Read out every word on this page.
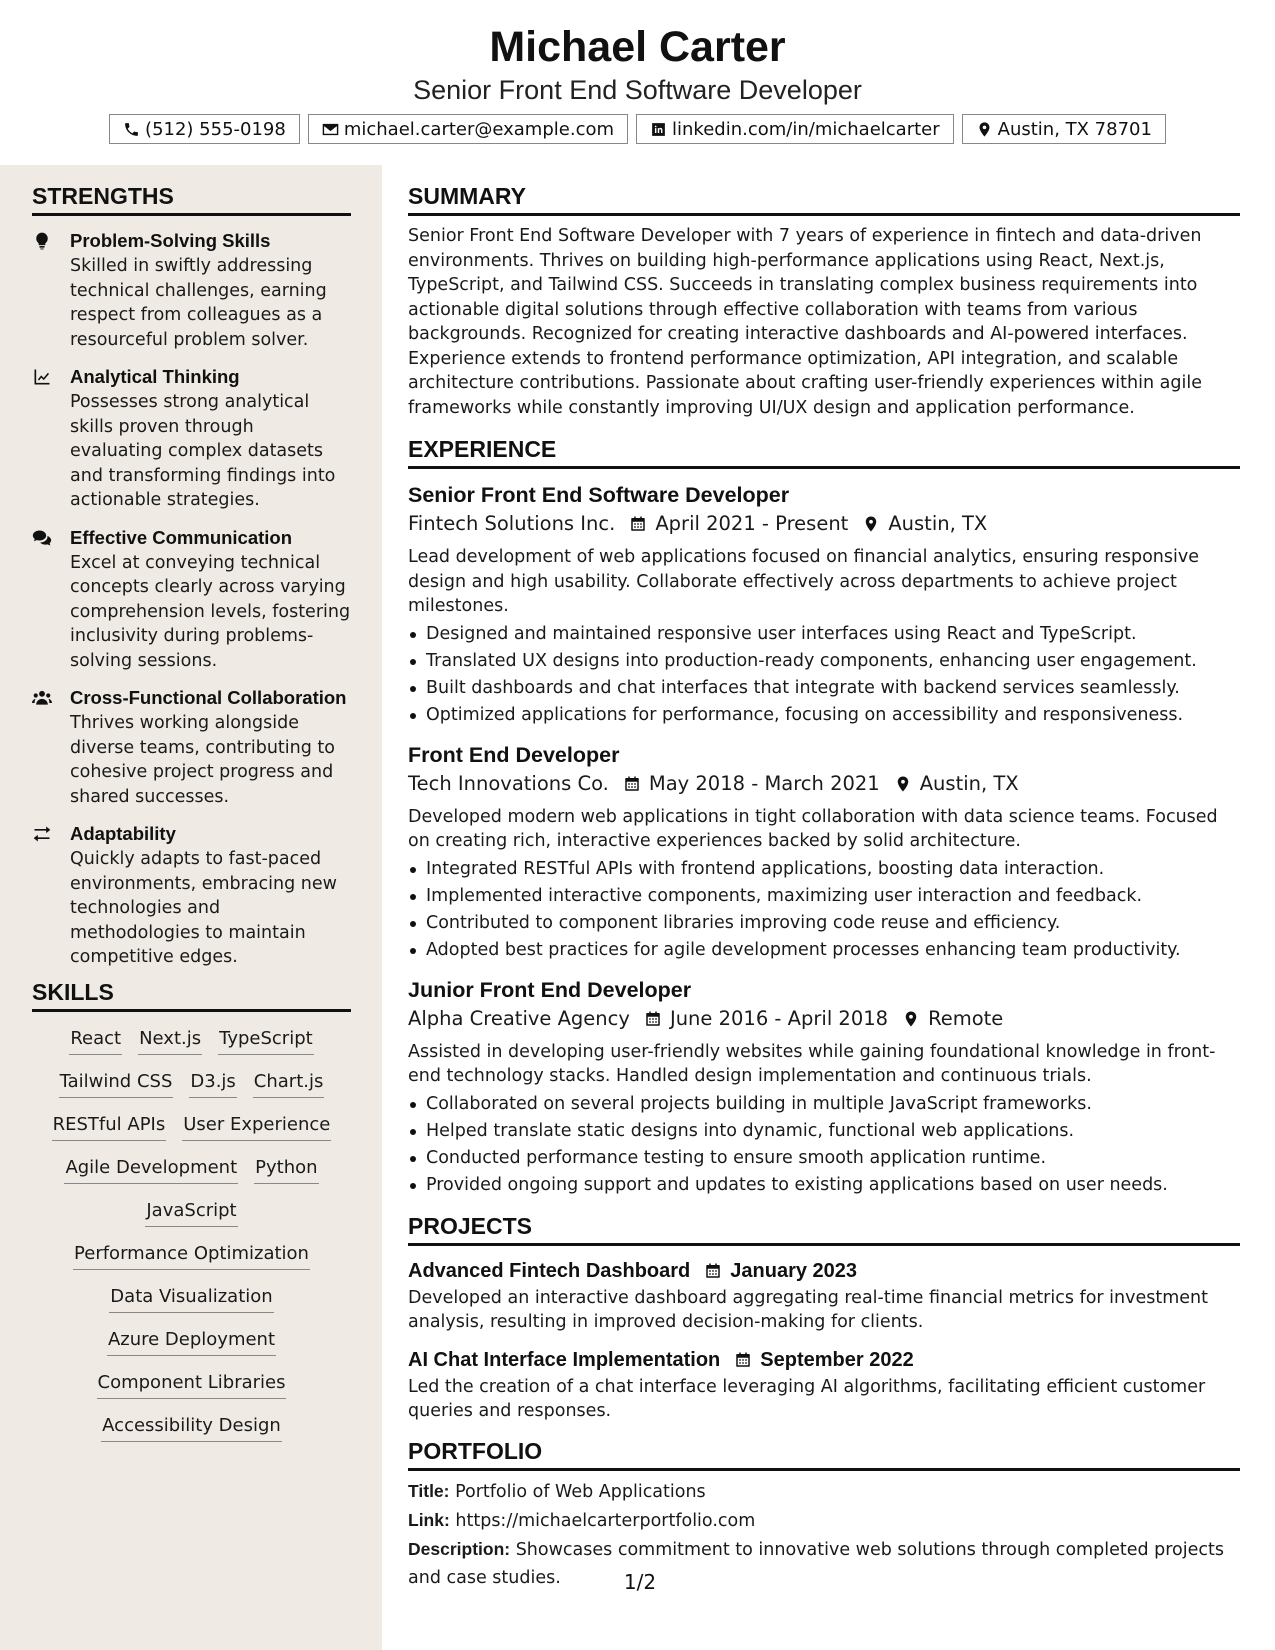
Michael Carter
Senior Front End Software Developer
(512) 555-0198	michael.carter@example.com	linkedin.com/in/michaelcarter	Austin, TX 78701
STRENGTHS
Problem-Solving Skills
Skilled in swiftly addressing technical challenges, earning respect from colleagues as a resourceful problem solver.
Analytical Thinking
Possesses strong analytical skills proven through evaluating complex datasets and transforming findings into actionable strategies.
Effective Communication
Excel at conveying technical concepts clearly across varying comprehension levels, fostering inclusivity during problems-solving sessions.
Cross-Functional Collaboration
Thrives working alongside diverse teams, contributing to cohesive project progress and shared successes.
Adaptability
Quickly adapts to fast-paced environments, embracing new technologies and methodologies to maintain competitive edges.
SKILLS
React Next.js TypeScript
Tailwind CSS D3.js Chart.js
RESTful APIs User Experience
Agile Development Python
JavaScript
Performance Optimization
Data Visualization
Azure Deployment
Component Libraries
Accessibility Design
SUMMARY
Senior Front End Software Developer with 7 years of experience in fintech and data-driven environments. Thrives on building high-performance applications using React, Next.js, TypeScript, and Tailwind CSS. Succeeds in translating complex business requirements into actionable digital solutions through effective collaboration with teams from various backgrounds. Recognized for creating interactive dashboards and AI-powered interfaces. Experience extends to frontend performance optimization, API integration, and scalable architecture contributions. Passionate about crafting user-friendly experiences within agile frameworks while constantly improving UI/UX design and application performance.
EXPERIENCE
Senior Front End Software Developer
Fintech Solutions Inc. April 2021 - Present Austin, TX
Lead development of web applications focused on financial analytics, ensuring responsive design and high usability. Collaborate effectively across departments to achieve project milestones.
Designed and maintained responsive user interfaces using React and TypeScript.
Translated UX designs into production-ready components, enhancing user engagement.
Built dashboards and chat interfaces that integrate with backend services seamlessly.
Optimized applications for performance, focusing on accessibility and responsiveness.
Front End Developer
Tech Innovations Co. May 2018 - March 2021 Austin, TX
Developed modern web applications in tight collaboration with data science teams. Focused on creating rich, interactive experiences backed by solid architecture.
Integrated RESTful APIs with frontend applications, boosting data interaction.
Implemented interactive components, maximizing user interaction and feedback.
Contributed to component libraries improving code reuse and efficiency.
Adopted best practices for agile development processes enhancing team productivity.
Junior Front End Developer
Alpha Creative Agency June 2016 - April 2018 Remote
Assisted in developing user-friendly websites while gaining foundational knowledge in front-end technology stacks. Handled design implementation and continuous trials.
Collaborated on several projects building in multiple JavaScript frameworks.
Helped translate static designs into dynamic, functional web applications.
Conducted performance testing to ensure smooth application runtime.
Provided ongoing support and updates to existing applications based on user needs.
PROJECTS
Advanced Fintech Dashboard January 2023
Developed an interactive dashboard aggregating real-time financial metrics for investment analysis, resulting in improved decision-making for clients.
AI Chat Interface Implementation September 2022
Led the creation of a chat interface leveraging AI algorithms, facilitating efficient customer queries and responses.
PORTFOLIO
Title: Portfolio of Web Applications
Link: https://michaelcarterportfolio.com
Description: Showcases commitment to innovative web solutions through completed projects and case studies.	1/2
